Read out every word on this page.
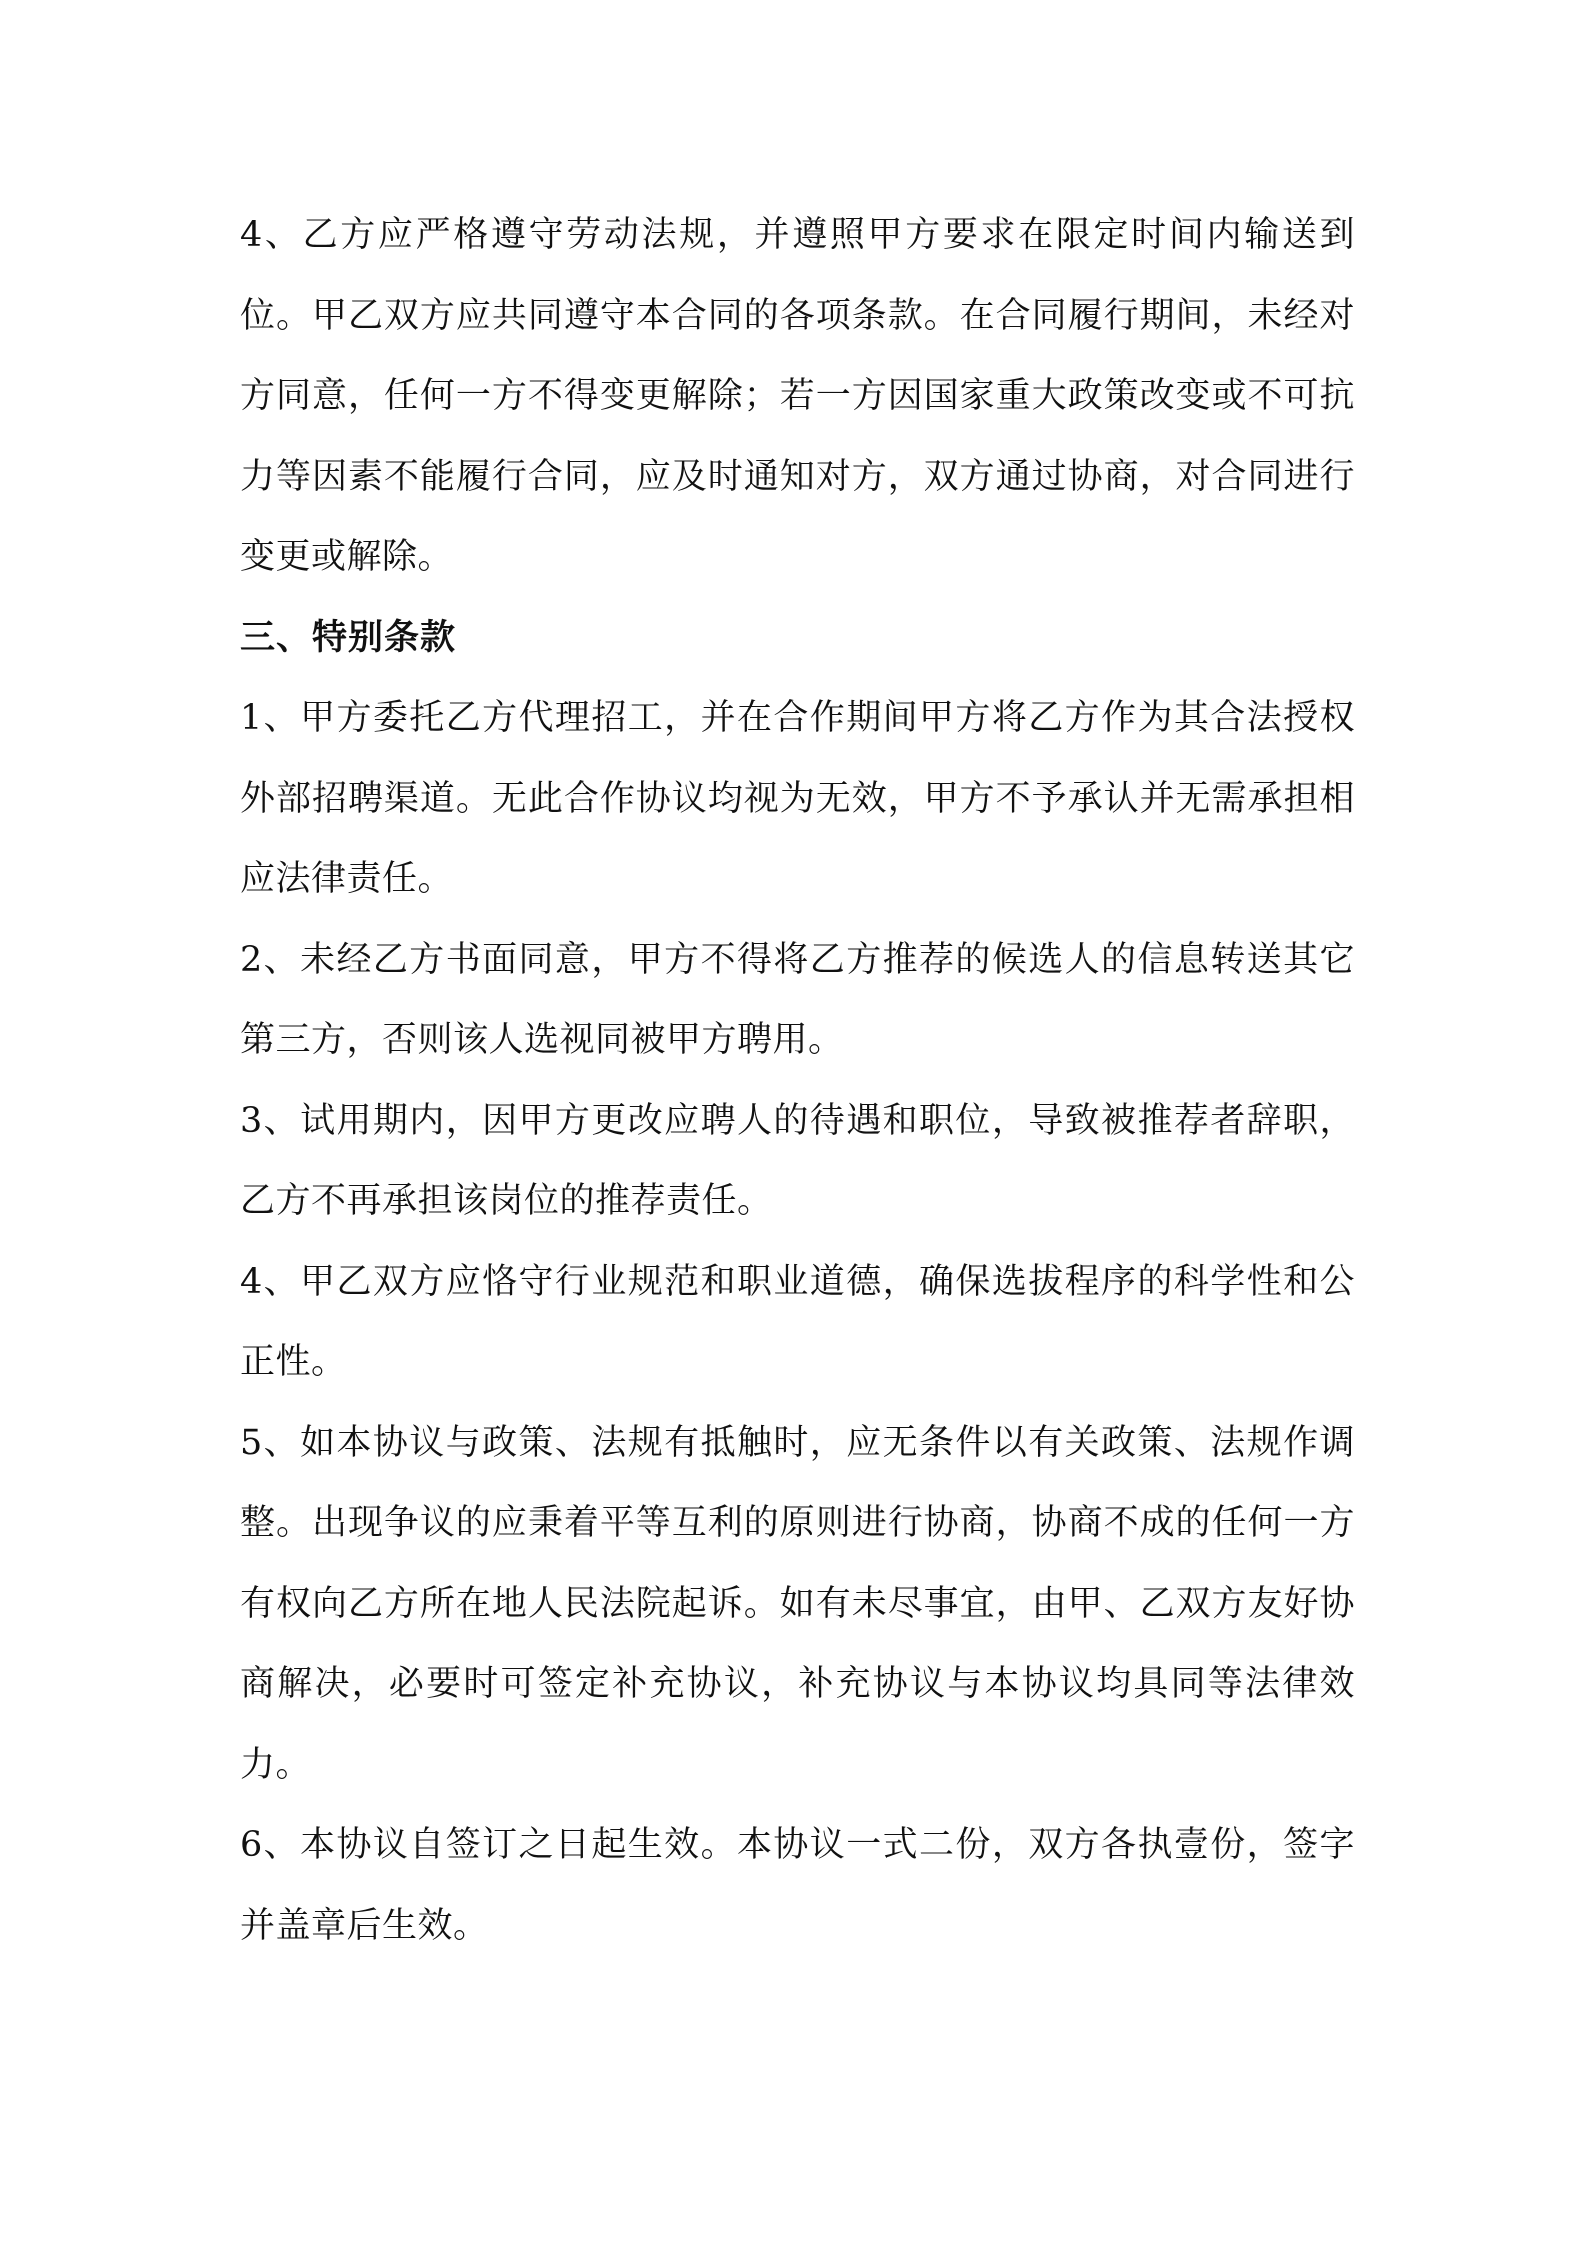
4、乙方应严格遵守劳动法规，并遵照甲方要求在限定时间内输送到位。甲乙双方应共同遵守本合同的各项条款。在合同履行期间，未经对方同意，任何一方不得变更解除；若一方因国家重大政策改变或不可抗力等因素不能履行合同，应及时通知对方，双方通过协商，对合同进行变更或解除。

三、特别条款

1、甲方委托乙方代理招工，并在合作期间甲方将乙方作为其合法授权外部招聘渠道。无此合作协议均视为无效，甲方不予承认并无需承担相应法律责任。

2、未经乙方书面同意，甲方不得将乙方推荐的候选人的信息转送其它第三方，否则该人选视同被甲方聘用。

3、试用期内，因甲方更改应聘人的待遇和职位，导致被推荐者辞职，乙方不再承担该岗位的推荐责任。

4、甲乙双方应恪守行业规范和职业道德，确保选拔程序的科学性和公正性。

5、如本协议与政策、法规有抵触时，应无条件以有关政策、法规作调整。出现争议的应秉着平等互利的原则进行协商，协商不成的任何一方有权向乙方所在地人民法院起诉。如有未尽事宜，由甲、乙双方友好协商解决，必要时可签定补充协议，补充协议与本协议均具同等法律效力。

6、本协议自签订之日起生效。本协议一式二份，双方各执壹份，签字并盖章后生效。
